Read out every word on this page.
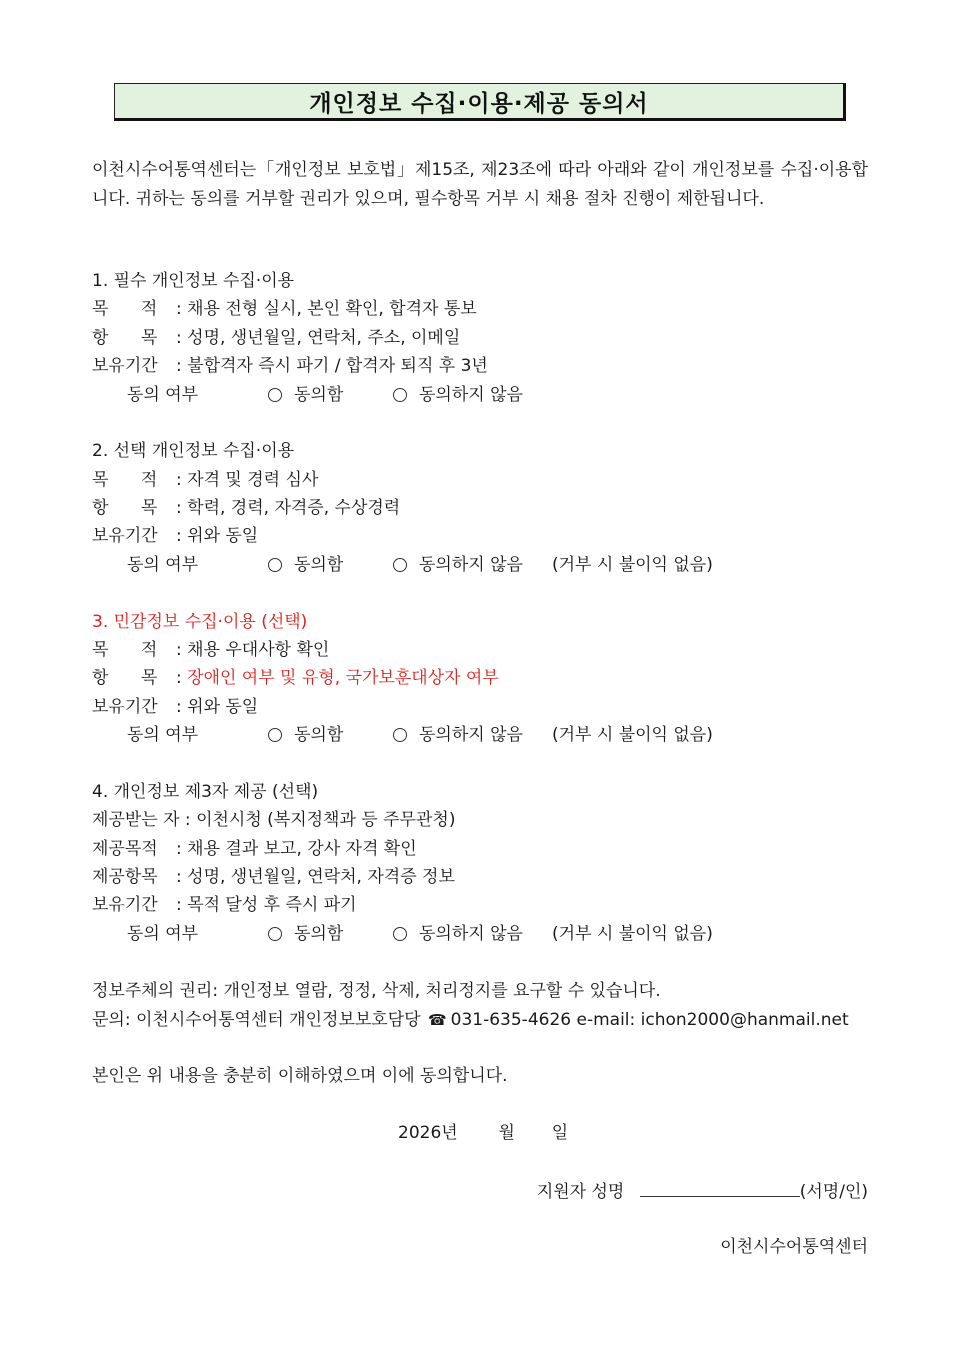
개인정보 수집·이용·제공 동의서
이천시수어통역센터는「개인정보 보호법」제15조, 제23조에 따라 아래와 같이 개인정보를 수집·이용합니다. 귀하는 동의를 거부할 권리가 있으며, 필수항목 거부 시 채용 절차 진행이 제한됩니다.
1. 필수 개인정보 수집·이용
목      적 : 채용 전형 실시, 본인 확인, 합격자 통보
항      목 : 성명, 생년월일, 연락처, 주소, 이메일
보유기간 : 불합격자 즉시 파기 / 합격자 퇴직 후 3년
동의 여부	동의함	동의하지 않음
2. 선택 개인정보 수집·이용
목      적 : 자격 및 경력 심사
항      목 : 학력, 경력, 자격증, 수상경력
보유기간 : 위와 동일
동의 여부	동의함	동의하지 않음 (거부 시 불이익 없음)
3. 민감정보 수집·이용 (선택)
목      적 : 채용 우대사항 확인
항      목 : 장애인 여부 및 유형, 국가보훈대상자 여부
보유기간 : 위와 동일
동의 여부	동의함	동의하지 않음 (거부 시 불이익 없음)
4. 개인정보 제3자 제공 (선택)
제공받는 자 : 이천시청 (복지정책과 등 주무관청)
제공목적 : 채용 결과 보고, 강사 자격 확인
제공항목 : 성명, 생년월일, 연락처, 자격증 정보
보유기간 : 목적 달성 후 즉시 파기
동의 여부	동의함	동의하지 않음 (거부 시 불이익 없음)
정보주체의 권리: 개인정보 열람, 정정, 삭제, 처리정지를 요구할 수 있습니다.
문의: 이천시수어통역센터 개인정보보호담당 ☎ 031-635-4626 e-mail: ichon2000@hanmail.net
본인은 위 내용을 충분히 이해하였으며 이에 동의합니다.
2026년 월 일
지원자 성명	(서명/인)
이천시수어통역센터
